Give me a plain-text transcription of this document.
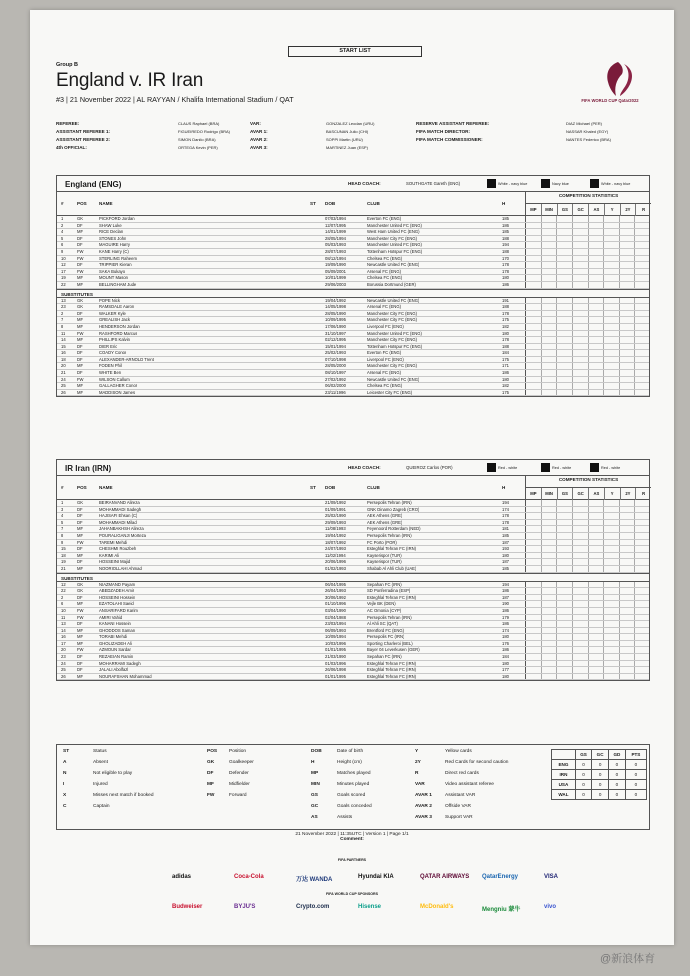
START LIST
Group B
England v. IR Iran
#3 | 21 November 2022 | AL RAYYAN / Khalifa International Stadium / QAT	FIFA WORLD CUP Qatar2022
REFEREE:	CLAUS Raphael (BRA)
ASSISTANT REFEREE 1:	FIGUEIREDO Rodrigo (BRA)
ASSISTANT REFEREE 2:	SIMON Danilo (BRA)
4th OFFICIAL:	ORTEGA Kevin (PER)
VAR:	GONZALEZ Leodan (URU)
AVAR 1:	BASCUNAN Julio (CHI)
AVAR 2:	SOPPI Martin (URU)
AVAR 3:	MARTINEZ Juan (ESP)
RESERVE ASSISTANT REFEREE:	DIAZ Michael (PER)
FIFA MATCH DIRECTOR:	NASSAR Khaled (EGY)
FIFA MATCH COMMISSIONER:	NANTES Federico (BRA)
England (ENG)	HEAD COACH:	SOUTHGATE Gareth (ENG)	White - navy blue	Navy blue	White - navy blue
#	POS	NAME	ST DOB	CLUB	H
COMPETITION STATISTICS
MP	MIN	GS	GC	AS	Y	2Y	R
1	GK	PICKFORD Jordan	07/03/1994	Everton FC (ENG)	185
2	DF	SHAW Luke	12/07/1995	Manchester United FC (ENG)	186
4	MF	RICE Declan	14/01/1999	West Ham United FC (ENG)	185
5	DF	STONES John	28/05/1994	Manchester City FC (ENG)	188
6	DF	MAGUIRE Harry	05/03/1993	Manchester United FC (ENG)	194
9	FW	KANE Harry (C)	28/07/1993	Tottenham Hotspur FC (ENG)	188
10	FW	STERLING Raheem	08/12/1994	Chelsea FC (ENG)	170
12	DF	TRIPPIER Kieran	19/09/1990	Newcastle United FC (ENG)	178
17	FW	SAKA Bukayo	05/09/2001	Arsenal FC (ENG)	178
19	MF	MOUNT Mason	10/01/1999	Chelsea FC (ENG)	180
22	MF	BELLINGHAM Jude	29/06/2003	Borussia Dortmund (GER)	186
SUBSTITUTES
13	GK	POPE Nick	19/04/1992	Newcastle United FC (ENG)	191
23	GK	RAMSDALE Aaron	14/05/1998	Arsenal FC (ENG)	188
2	DF	WALKER Kyle	28/05/1990	Manchester City FC (ENG)	178
7	MF	GREALISH Jack	10/09/1995	Manchester City FC (ENG)	175
8	MF	HENDERSON Jordan	17/06/1990	Liverpool FC (ENG)	182
11	FW	RASHFORD Marcus	31/10/1997	Manchester United FC (ENG)	180
14	MF	PHILLIPS Kalvin	02/12/1995	Manchester City FC (ENG)	178
15	DF	DIER Eric	15/01/1994	Tottenham Hotspur FC (ENG)	188
16	DF	COADY Conor	25/02/1993	Everton FC (ENG)	184
18	DF	ALEXANDER-ARNOLD Trent	07/10/1998	Liverpool FC (ENG)	175
20	MF	FODEN Phil	28/05/2000	Manchester City FC (ENG)	171
21	DF	WHITE Ben	08/10/1997	Arsenal FC (ENG)	186
24	FW	WILSON Callum	27/02/1992	Newcastle United FC (ENG)	180
25	MF	GALLAGHER Conor	06/02/2000	Chelsea FC (ENG)	182
26	MF	MADDISON James	23/11/1996	Leicester City FC (ENG)	175
IR Iran (IRN)	HEAD COACH:	QUEIROZ Carlos (POR)	Red - white	Red - white	Red - white
#	POS	NAME	ST DOB	CLUB	H
COMPETITION STATISTICS
MP	MIN	GS	GC	AS	Y	2Y	R
1	GK	BEIRANVAND Alireza	21/09/1992	Persepolis Tehran (IRN)	194
3	DF	MOHAMMADI Sadegh	01/09/1991	GNK Dinamo Zagreb (CRO)	174
4	DF	HAJISAFI Ehsan (C)	25/02/1990	AEK Athens (GRE)	178
5	DF	MOHAMMADI Milad	29/09/1993	AEK Athens (GRE)	178
7	MF	JAHANBAKHSH Alireza	11/08/1993	Feyenoord Rotterdam (NED)	181
8	MF	POURALIGANJI Morteza	19/04/1992	Persepolis Tehran (IRN)	185
9	FW	TAREMI Mehdi	18/07/1992	FC Porto (POR)	187
15	DF	CHESHMI Rouzbeh	24/07/1993	Esteghlal Tehran FC (IRN)	193
18	MF	KARIMI Ali	11/02/1994	Kayserispor (TUR)	180
19	DF	HOSSEINI Majid	20/06/1996	Kayserispor (TUR)	187
21	MF	NOORIOLLAHI Ahmad	01/02/1993	Shabab Al Ahli Club (UAE)	185
SUBSTITUTES
12	GK	NIAZMAND Payam	06/04/1995	Sepahan FC (IRN)	194
22	GK	ABEDZADEH Amir	26/04/1993	SD Ponferradina (ESP)	186
2	DF	HOSSEINI Hossein	30/06/1992	Esteghlal Tehran FC (IRN)	187
6	MF	EZATOLAHI Saeid	01/10/1996	Vejle BK (DEN)	190
10	FW	ANSARIFARD Karim	03/04/1990	AC Omonia (CYP)	186
11	FW	AMIRI Vahid	02/04/1988	Persepolis Tehran (IRN)	179
13	DF	KANANI Hossein	23/03/1994	Al Ahli SC (QAT)	186
14	MF	GHODDOS Saman	06/09/1993	Brentford FC (ENG)	174
16	MF	TORABI Mehdi	10/09/1994	Persepolis FC (IRN)	180
17	MF	GHOLIZADEH Ali	10/03/1996	Sporting Charleroi (BEL)	176
20	FW	AZMOUN Sardar	01/01/1995	Bayer 04 Leverkusen (GER)	186
23	DF	REZAEIAN Ramin	21/03/1990	Sepahan FC (IRN)	184
24	DF	MOHARRAMI Sadegh	01/03/1996	Esteghlal Tehran FC (IRN)	180
25	DF	JALALI Abolfazl	26/06/1998	Esteghlal Tehran FC (IRN)	177
26	MF	NOURAFSHAN Mohammad	01/01/1995	Esteghlal Tehran FC (IRN)	180
ST	Status
A	Absent
N	Not eligible to play
I	Injured
X	Misses next match if booked
C	Captain
POS Position
GK	Goalkeeper
DF	Defender
MF	Midfielder
FW	Forward
DOB	Date of birth
H	Height (cm)
MP	Matches played
MIN	Minutes played
GS	Goals scored
GC	Goals conceded
AS	Assists
Y	Yellow cards
2Y	Red Cards for second caution
R	Direct red cards
VAR	Video assistant referee
AVAR 1	Assistant VAR
AVAR 2	Offside VAR
AVAR 3	Support VAR
	GS	GC	GD	PTS
ENG	0	0	0	0
IRN	0	0	0	0
USA	0	0	0	0
WAL	0	0	0	0
21 November 2022 | 11:35UTC | Version 1 | Page 1/1
Comment:
FIFA PARTNERS
adidas	Coca-Cola	万达 WANDA	Hyundai KIA	QATAR AIRWAYS QatarEnergy	VISA
FIFA WORLD CUP SPONSORS
Budweiser	BYJU'S	Crypto.com	Hisense	McDonald's	Mengniu 蒙牛	vivo
@新浪体育
